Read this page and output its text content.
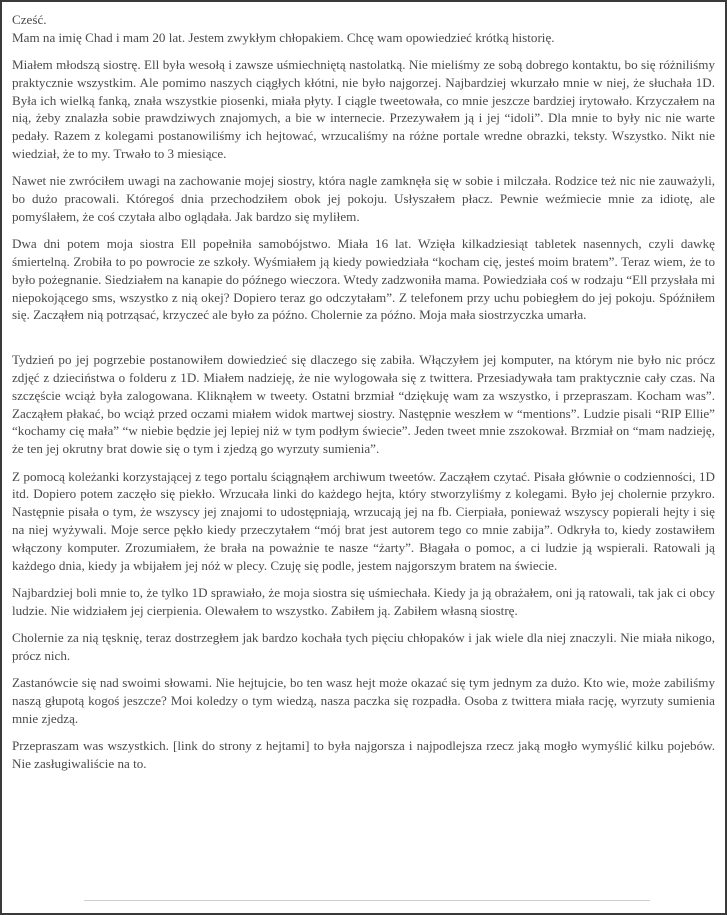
Cześć.
Mam na imię Chad i mam 20 lat. Jestem zwykłym chłopakiem. Chcę wam opowiedzieć krótką historię.

Miałem młodszą siostrę. Ell była wesołą i zawsze uśmiechniętą nastolatką. Nie mieliśmy ze sobą dobrego kontaktu, bo się różniliśmy praktycznie wszystkim. Ale pomimo naszych ciągłych kłótni, nie było najgorzej. Najbardziej wkurzało mnie w niej, że słuchała 1D. Była ich wielką fanką, znała wszystkie piosenki, miała płyty. I ciągle tweetowała, co mnie jeszcze bardziej irytowało. Krzyczałem na nią, żeby znalazła sobie prawdziwych znajomych, a bie w internecie. Przezywałem ją i jej “idoli”. Dla mnie to były nic nie warte pedały. Razem z kolegami postanowiliśmy ich hejtować, wrzucaliśmy na różne portale wredne obrazki, teksty. Wszystko. Nikt nie wiedział, że to my. Trwało to 3 miesiące.

Nawet nie zwróciłem uwagi na zachowanie mojej siostry, która nagle zamknęła się w sobie i milczała. Rodzice też nic nie zauważyli, bo dużo pracowali. Któregoś dnia przechodziłem obok jej pokoju. Usłyszałem płacz. Pewnie weźmiecie mnie za idiotę, ale pomyślałem, że coś czytała albo oglądała. Jak bardzo się myliłem.

Dwa dni potem moja siostra Ell popełniła samobójstwo. Miała 16 lat. Wzięła kilkadziesiąt tabletek nasennych, czyli dawkę śmiertelną. Zrobiła to po powrocie ze szkoły. Wyśmiałem ją kiedy powiedziała “kocham cię, jesteś moim bratem”. Teraz wiem, że to było pożegnanie. Siedziałem na kanapie do późnego wieczora. Wtedy zadzwoniła mama. Powiedziała coś w rodzaju “Ell przysłała mi niepokojącego sms, wszystko z nią okej? Dopiero teraz go odczytałam”. Z telefonem przy uchu pobiegłem do jej pokoju. Spóźniłem się. Zacząłem nią potrząsać, krzyczeć ale było za późno. Cholernie za późno. Moja mała siostrzyczka umarła.

Tydzień po jej pogrzebie postanowiłem dowiedzieć się dlaczego się zabiła. Włączyłem jej komputer, na którym nie było nic prócz zdjęć z dzieciństwa o folderu z 1D. Miałem nadzieję, że nie wylogowała się z twittera. Przesiadywała tam praktycznie cały czas. Na szczęście wciąż była zalogowana. Kliknąłem w tweety. Ostatni brzmiał “dziękuję wam za wszystko, i przepraszam. Kocham was”. Zacząłem płakać, bo wciąż przed oczami miałem widok martwej siostry. Następnie weszłem w “mentions”. Ludzie pisali “RIP Ellie” “kochamy cię mała” “w niebie będzie jej lepiej niż w tym podłym świecie”. Jeden tweet mnie zszokował. Brzmiał on “mam nadzieję, że ten jej okrutny brat dowie się o tym i zjedzą go wyrzuty sumienia”.

Z pomocą koleżanki korzystającej z tego portalu ściągnąłem archiwum tweetów. Zacząłem czytać. Pisała głównie o codzienności, 1D itd. Dopiero potem zaczęło się piekło. Wrzucała linki do każdego hejta, który stworzyliśmy z kolegami. Było jej cholernie przykro. Następnie pisała o tym, że wszyscy jej znajomi to udostępniają, wrzucają jej na fb. Cierpiała, ponieważ wszyscy popierali hejty i się na niej wyżywali. Moje serce pękło kiedy przeczytałem “mój brat jest autorem tego co mnie zabija”. Odkryła to, kiedy zostawiłem włączony komputer. Zrozumiałem, że brała na poważnie te nasze “żarty”. Błagała o pomoc, a ci ludzie ją wspierali. Ratowali ją każdego dnia, kiedy ja wbijałem jej nóż w plecy. Czuję się podle, jestem najgorszym bratem na świecie.

Najbardziej boli mnie to, że tylko 1D sprawiało, że moja siostra się uśmiechała. Kiedy ja ją obrażałem, oni ją ratowali, tak jak ci obcy ludzie. Nie widziałem jej cierpienia. Olewałem to wszystko. Zabiłem ją. Zabiłem własną siostrę.

Cholernie za nią tęsknię, teraz dostrzegłem jak bardzo kochała tych pięciu chłopaków i jak wiele dla niej znaczyli. Nie miała nikogo, prócz nich.

Zastanówcie się nad swoimi słowami. Nie hejtujcie, bo ten wasz hejt może okazać się tym jednym za dużo. Kto wie, może zabiliśmy naszą głupotą kogoś jeszcze? Moi koledzy o tym wiedzą, nasza paczka się rozpadła. Osoba z twittera miała rację, wyrzuty sumienia mnie zjedzą.

Przepraszam was wszystkich. [link do strony z hejtami] to była najgorsza i najpodlejsza rzecz jaką mogło wymyślić kilku pojebów. Nie zasługiwaliście na to.
